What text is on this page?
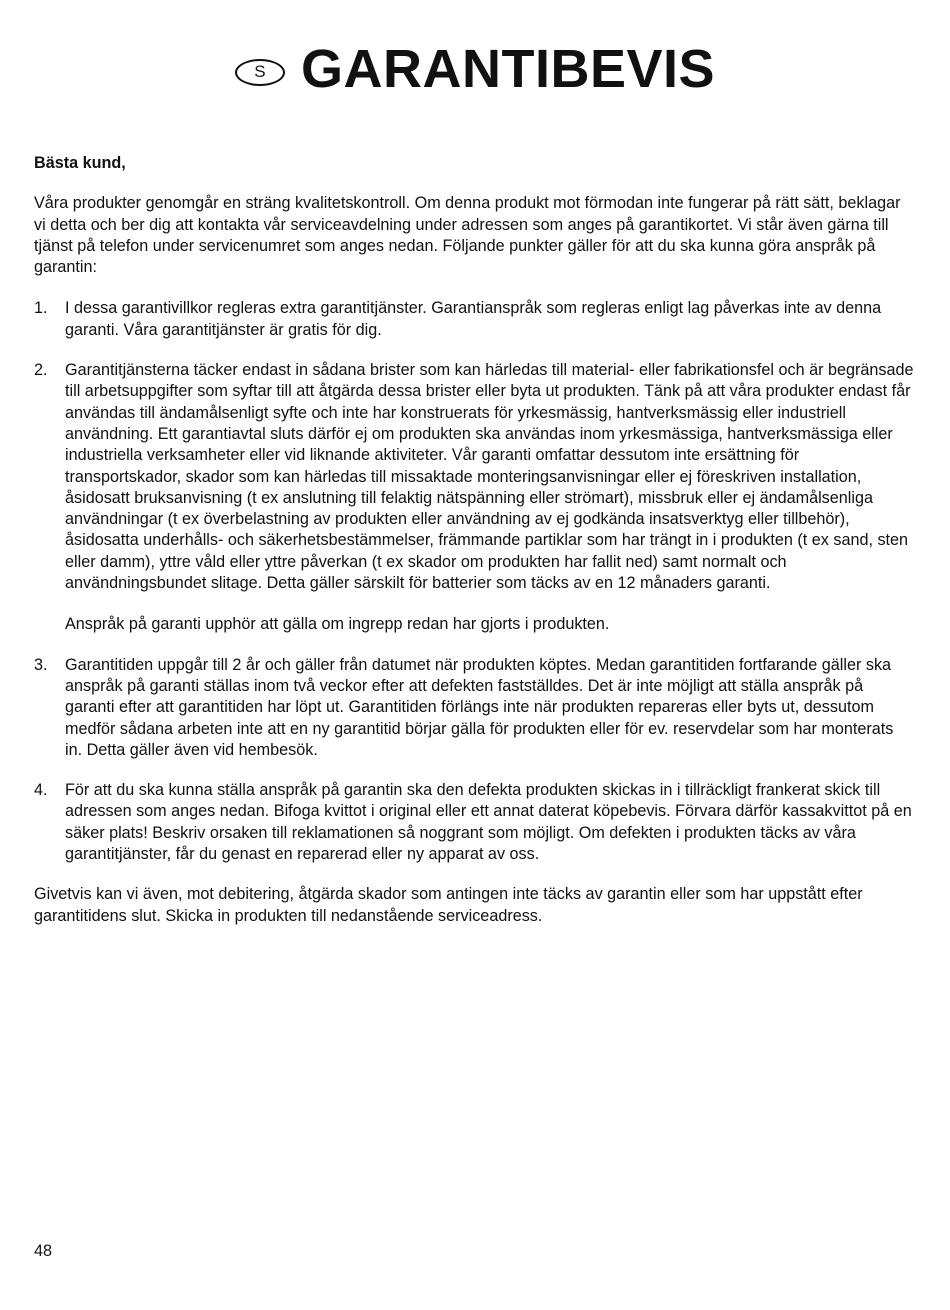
S GARANTIBEVIS

Bästa kund,

Våra produkter genomgår en sträng kvalitetskontroll. Om denna produkt mot förmodan inte fungerar på rätt sätt, beklagar vi detta och ber dig att kontakta vår serviceavdelning under adressen som anges på garantikortet. Vi står även gärna till tjänst på telefon under servicenumret som anges nedan. Följande punkter gäller för att du ska kunna göra anspråk på garantin:

1. I dessa garantivillkor regleras extra garantitjänster. Garantianspråk som regleras enligt lag påverkas inte av denna garanti. Våra garantitjänster är gratis för dig.
2. Garantitjänsterna täcker endast in sådana brister som kan härledas till material- eller fabrikationsfel och är begränsade till arbetsuppgifter som syftar till att åtgärda dessa brister eller byta ut produkten. Tänk på att våra produkter endast får användas till ändamålsenligt syfte och inte har konstruerats för yrkesmässig, hantverksmässig eller industriell användning. Ett garantiavtal sluts därför ej om produkten ska användas inom yrkesmässiga, hantverksmässiga eller industriella verksamheter eller vid liknande aktiviteter. Vår garanti omfattar dessutom inte ersättning för transportskador, skador som kan härledas till missaktade monteringsanvisningar eller ej föreskriven installation, åsidosatt bruksanvisning (t ex anslutning till felaktig nätspänning eller strömart), missbruk eller ej ändamålsenliga användningar (t ex överbelastning av produkten eller användning av ej godkända insatsverktyg eller tillbehör), åsidosatta underhålls- och säkerhetsbestämmelser, främmande partiklar som har trängt in i produkten (t ex sand, sten eller damm), yttre våld eller yttre påverkan (t ex skador om produkten har fallit ned) samt normalt och användningsbundet slitage. Detta gäller särskilt för batterier som täcks av en 12 månaders garanti.
Anspråk på garanti upphör att gälla om ingrepp redan har gjorts i produkten.
3. Garantitiden uppgår till 2 år och gäller från datumet när produkten köptes. Medan garantitiden fortfarande gäller ska anspråk på garanti ställas inom två veckor efter att defekten fastställdes. Det är inte möjligt att ställa anspråk på garanti efter att garantitiden har löpt ut. Garantitiden förlängs inte när produkten repareras eller byts ut, dessutom medför sådana arbeten inte att en ny garantitid börjar gälla för produkten eller för ev. reservdelar som har monterats in. Detta gäller även vid hembesök.
4. För att du ska kunna ställa anspråk på garantin ska den defekta produkten skickas in i tillräckligt frankerat skick till adressen som anges nedan. Bifoga kvittot i original eller ett annat daterat köpebevis. Förvara därför kassakvittot på en säker plats! Beskriv orsaken till reklamationen så noggrant som möjligt. Om defekten i produkten täcks av våra garantitjänster, får du genast en reparerad eller ny apparat av oss.

Givetvis kan vi även, mot debitering, åtgärda skador som antingen inte täcks av garantin eller som har uppstått efter garantitidens slut. Skicka in produkten till nedanstående serviceadress.

48
